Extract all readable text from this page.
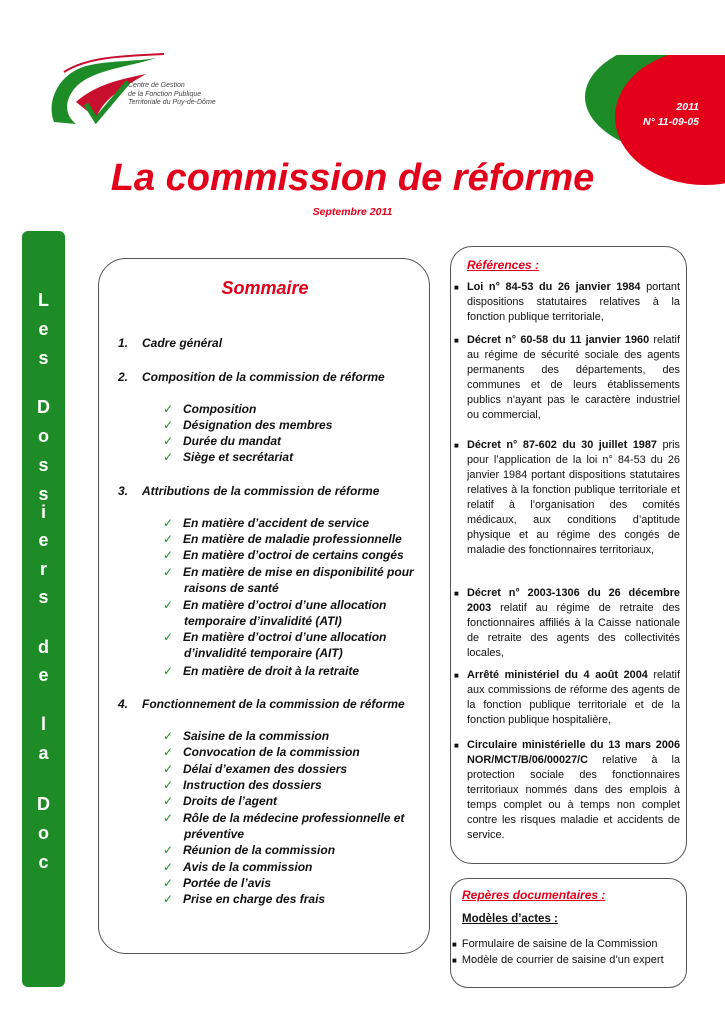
Centre de Gestion
de la Fonction Publique
Territoriale du Puy-de-Dôme	2011
N° 11-09-05
La commission de réforme
Septembre 2011
L
e
s
D
o
s
s
i
e
r
s
d
e
l
a
D
o
c
Sommaire
1. Cadre général
2. Composition de la commission de réforme
✓ Composition
✓ Désignation des membres
✓ Durée du mandat
✓ Siège et secrétariat
3. Attributions de la commission de réforme
✓ En matière d’accident de service
✓ En matière de maladie professionnelle
✓ En matière d’octroi de certains congés
✓ En matière de mise en disponibilité pour
raisons de santé
✓ En matière d’octroi d’une allocation
temporaire d’invalidité (ATI)
✓ En matière d’octroi d’une allocation
d’invalidité temporaire (AIT)
✓ En matière de droit à la retraite
4. Fonctionnement de la commission de réforme
✓ Saisine de la commission
✓ Convocation de la commission
✓ Délai d’examen des dossiers
✓ Instruction des dossiers
✓ Droits de l’agent
✓ Rôle de la médecine professionnelle et
préventive
✓ Réunion de la commission
✓ Avis de la commission
✓ Portée de l’avis
✓ Prise en charge des frais
Références :
■ Loi n° 84-53 du 26 janvier 1984 portant dispositions statutaires relatives à la fonction publique territoriale,
■ Décret n° 60-58 du 11 janvier 1960 relatif au régime de sécurité sociale des agents permanents des départements, des communes et de leurs établissements publics n'ayant pas le caractère industriel ou commercial,
■ Décret n° 87-602 du 30 juillet 1987 pris pour l’application de la loi n° 84-53 du 26 janvier 1984 portant dispositions statutaires relatives à la fonction publique territoriale et relatif à l’organisation des comités médicaux, aux conditions d’aptitude physique et au régime des congés de maladie des fonctionnaires territoriaux,
■ Décret n° 2003-1306 du 26 décembre 2003 relatif au régime de retraite des fonctionnaires affiliés à la Caisse nationale de retraite des agents des collectivités locales,
■ Arrêté ministériel du 4 août 2004 relatif aux commissions de réforme des agents de la fonction publique territoriale et de la fonction publique hospitalière,
■ Circulaire ministérielle du 13 mars 2006 NOR/MCT/B/06/00027/C relative à la protection sociale des fonctionnaires territoriaux nommés dans des emplois à temps complet ou à temps non complet contre les risques maladie et accidents de service.
Repères documentaires :
Modèles d’actes :
■ Formulaire de saisine de la Commission
■ Modèle de courrier de saisine d’un expert
